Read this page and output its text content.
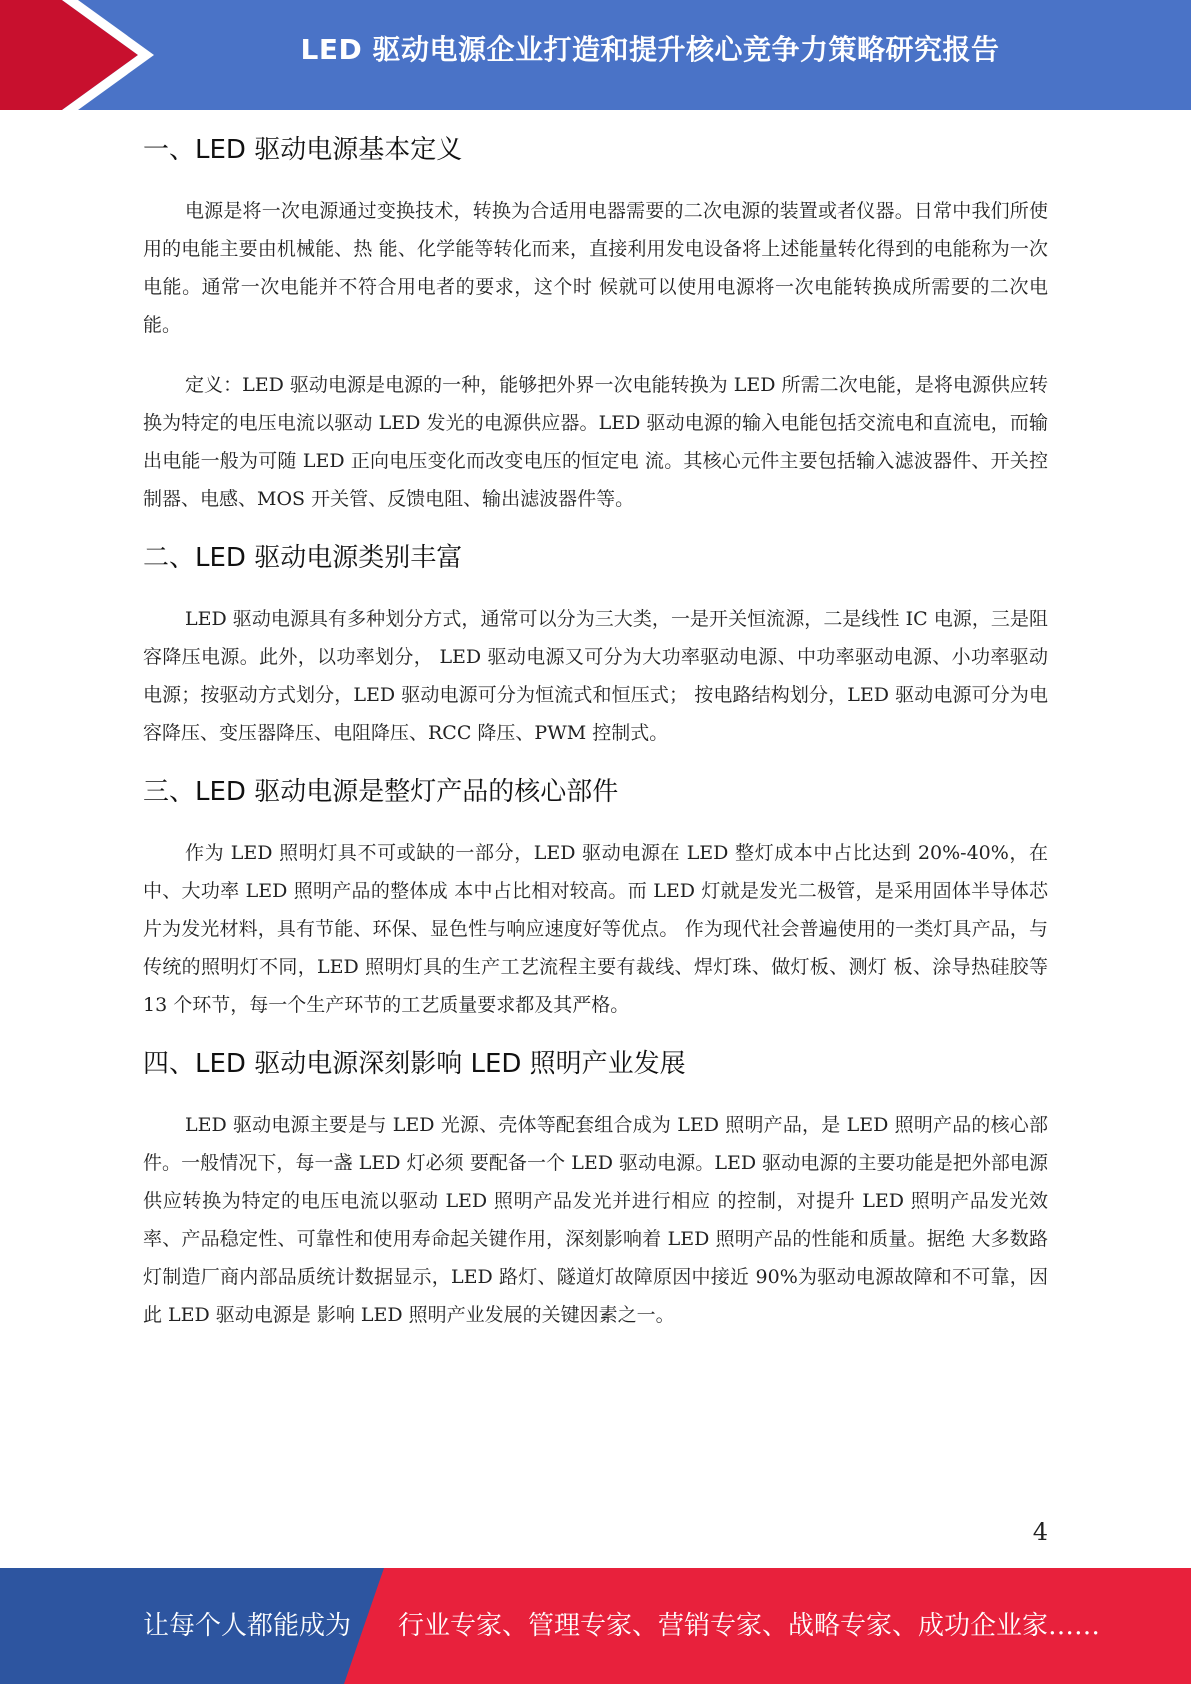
LED 驱动电源企业打造和提升核心竞争力策略研究报告
一、LED 驱动电源基本定义

电源是将一次电源通过变换技术，转换为合适用电器需要的二次电源的装置或者仪器。日常中我们所使用的电能主要由机械能、热 能、化学能等转化而来，直接利用发电设备将上述能量转化得到的电能称为一次电能。通常一次电能并不符合用电者的要求，这个时 候就可以使用电源将一次电能转换成所需要的二次电能。

定义：LED 驱动电源是电源的一种，能够把外界一次电能转换为 LED 所需二次电能，是将电源供应转换为特定的电压电流以驱动 LED 发光的电源供应器。LED 驱动电源的输入电能包括交流电和直流电，而输出电能一般为可随 LED 正向电压变化而改变电压的恒定电 流。其核心元件主要包括输入滤波器件、开关控制器、电感、MOS 开关管、反馈电阻、输出滤波器件等。

二、LED 驱动电源类别丰富

LED 驱动电源具有多种划分方式，通常可以分为三大类，一是开关恒流源，二是线性 IC 电源，三是阻容降压电源。此外，以功率划分， LED 驱动电源又可分为大功率驱动电源、中功率驱动电源、小功率驱动电源；按驱动方式划分，LED 驱动电源可分为恒流式和恒压式； 按电路结构划分，LED 驱动电源可分为电容降压、变压器降压、电阻降压、RCC 降压、PWM 控制式。

三、LED 驱动电源是整灯产品的核心部件

作为 LED 照明灯具不可或缺的一部分，LED 驱动电源在 LED 整灯成本中占比达到 20%-40%，在中、大功率 LED 照明产品的整体成 本中占比相对较高。而 LED 灯就是发光二极管，是采用固体半导体芯片为发光材料，具有节能、环保、显色性与响应速度好等优点。 作为现代社会普遍使用的一类灯具产品，与传统的照明灯不同，LED 照明灯具的生产工艺流程主要有裁线、焊灯珠、做灯板、测灯 板、涂导热硅胶等 13 个环节，每一个生产环节的工艺质量要求都及其严格。

四、LED 驱动电源深刻影响 LED 照明产业发展

LED 驱动电源主要是与 LED 光源、壳体等配套组合成为 LED 照明产品，是 LED 照明产品的核心部件。一般情况下，每一盏 LED 灯必须 要配备一个 LED 驱动电源。LED 驱动电源的主要功能是把外部电源供应转换为特定的电压电流以驱动 LED 照明产品发光并进行相应 的控制，对提升 LED 照明产品发光效率、产品稳定性、可靠性和使用寿命起关键作用，深刻影响着 LED 照明产品的性能和质量。据绝 大多数路灯制造厂商内部品质统计数据显示，LED 路灯、隧道灯故障原因中接近 90%为驱动电源故障和不可靠，因此 LED 驱动电源是 影响 LED 照明产业发展的关键因素之一。

4

让每个人都能成为 行业专家、管理专家、营销专家、战略专家、成功企业家……
